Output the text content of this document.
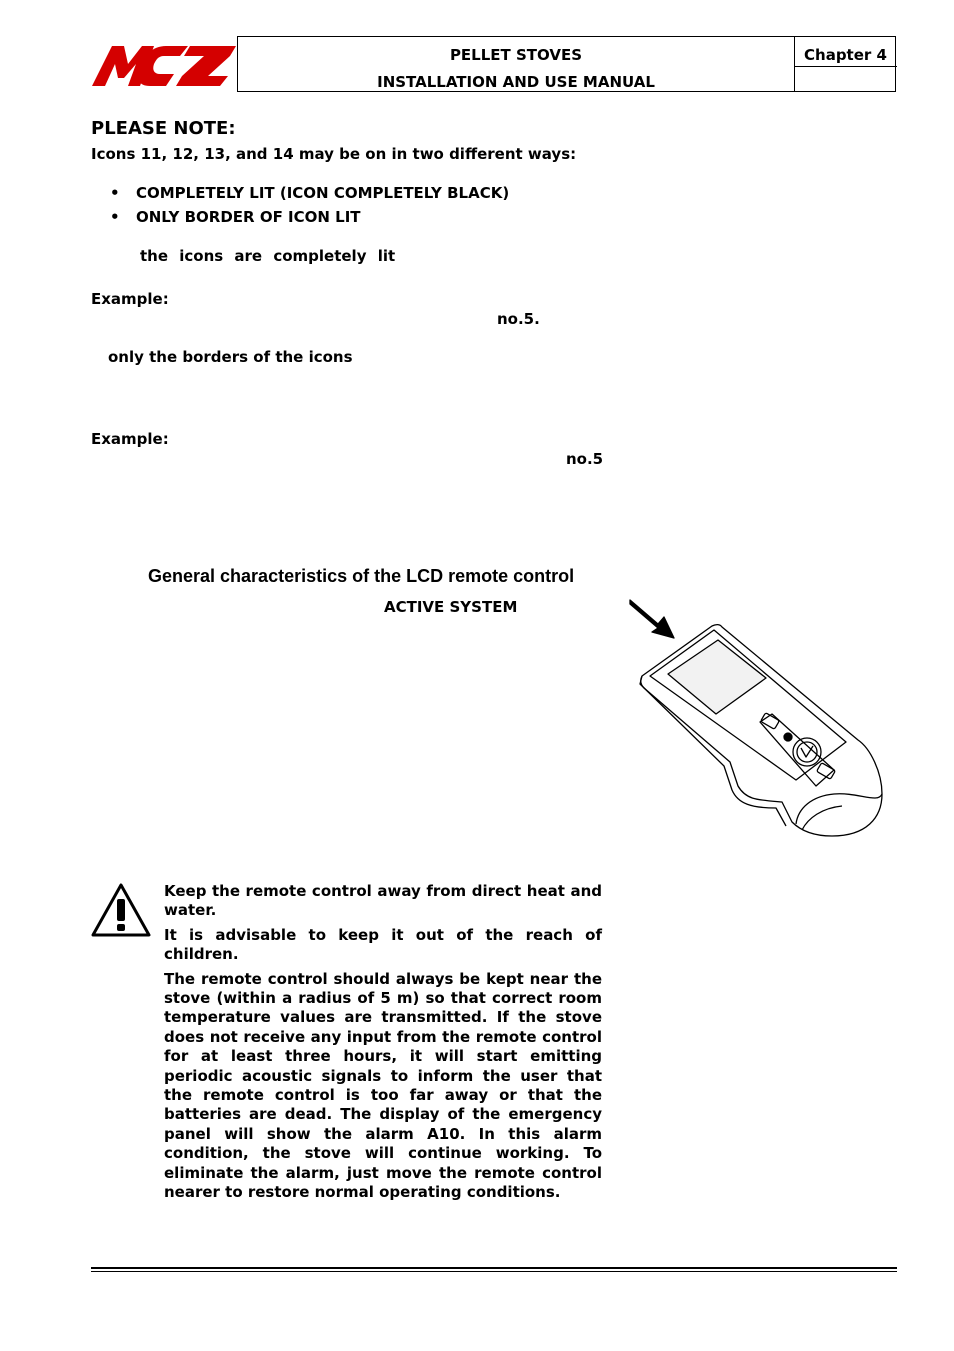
PELLET STOVES
INSTALLATION AND USE MANUAL
Chapter 4
PLEASE NOTE:
Icons 11, 12, 13, and 14 may be on in two different ways:
• COMPLETELY LIT (ICON COMPLETELY BLACK)
• ONLY BORDER OF ICON LIT
the icons are completely lit
Example:
no.5.
only the borders of the icons
Example:
no.5
General characteristics of the LCD remote control
ACTIVE SYSTEM

Keep the remote control away from direct heat and water.

It is advisable to keep it out of the reach of children.

The remote control should always be kept near the stove (within a radius of 5 m) so that correct room temperature values are transmitted. If the stove does not receive any input from the remote control for at least three hours, it will start emitting periodic acoustic signals to inform the user that the remote control is too far away or that the batteries are dead. The display of the emergency panel will show the alarm A10. In this alarm condition, the stove will continue working. To eliminate the alarm, just move the remote control nearer to restore normal operating conditions.
